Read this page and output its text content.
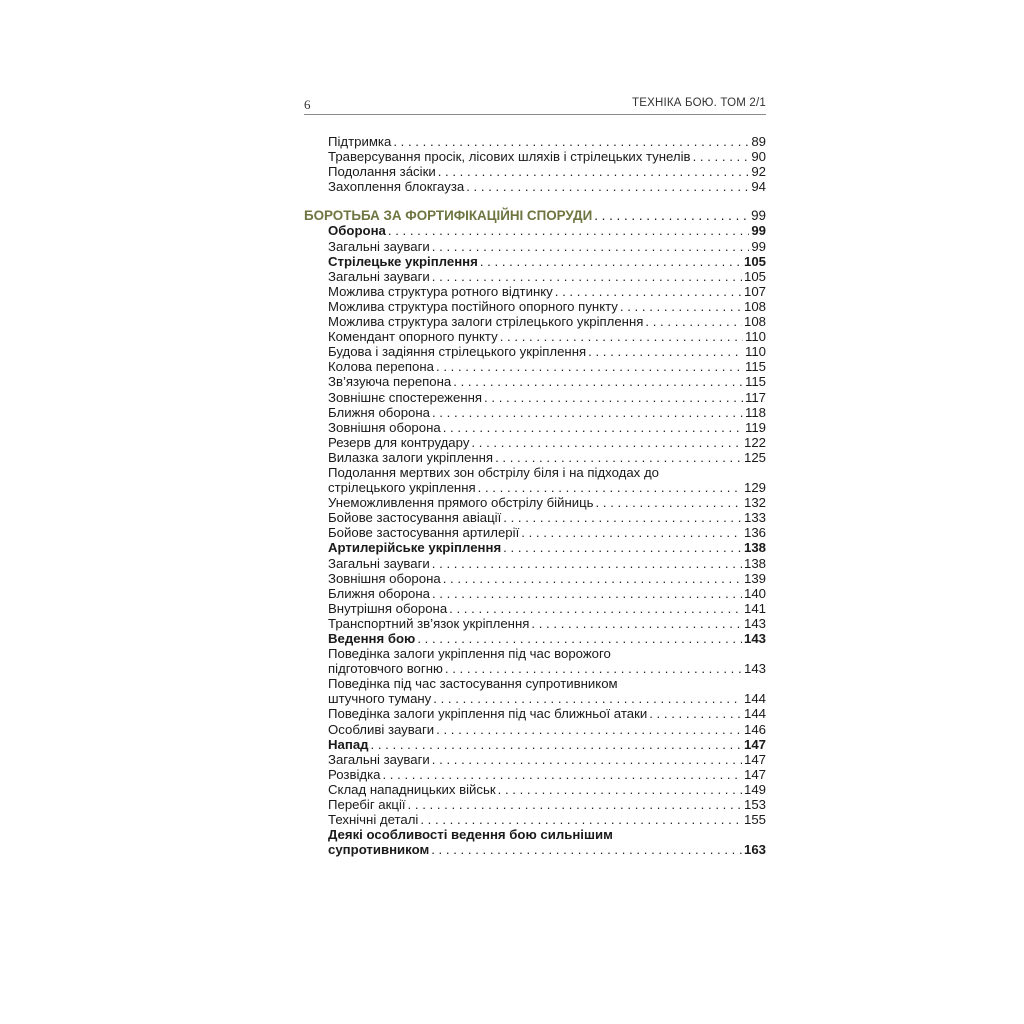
6	ТЕХНІКА БОЮ. ТОМ 2/1
Підтримка . . .	89
Траверсування просік, лісових шляхів і стрілецьких тунелів . . .	90
Подолання зáсіки . . .	92
Захоплення блокгауза . . .	94
БОРОТЬБА ЗА ФОРТИФІКАЦІЙНІ СПОРУДИ . . .	99
Оборона . . .	99
Загальні зауваги . . .	99
Стрілецьке укріплення . . .	105
Загальні зауваги . . .	105
Можлива структура ротного відтинку . . .	107
Можлива структура постійного опорного пункту . . .	108
Можлива структура залоги стрілецького укріплення . . .	108
Комендант опорного пункту . . .	110
Будова і задіяння стрілецького укріплення . . .	110
Колова перепона . . .	115
Зв’язуюча перепона . . .	115
Зовнішнє спостереження . . .	117
Ближня оборона . . .	118
Зовнішня оборона . . .	119
Резерв для контрудару . . .	122
Вилазка залоги укріплення . . .	125
Подолання мертвих зон обстрілу біля і на підходах до
стрілецького укріплення . . .	129
Унеможливлення прямого обстрілу бійниць . . .	132
Бойове застосування авіації . . .	133
Бойове застосування артилерії . . .	136
Артилерійське укріплення . . .	138
Загальні зауваги . . .	138
Зовнішня оборона . . .	139
Ближня оборона . . .	140
Внутрішня оборона . . .	141
Транспортний зв’язок укріплення . . .	143
Ведення бою . . .	143
Поведінка залоги укріплення під час ворожого
підготовчого вогню . . .	143
Поведінка під час застосування супротивником
штучного туману . . .	144
Поведінка залоги укріплення під час ближньої атаки . . .	144
Особливі зауваги . . .	146
Напад . . .	147
Загальні зауваги . . .	147
Розвідка . . .	147
Склад нападницьких військ . . .	149
Перебіг акції . . .	153
Технічні деталі . . .	155
Деякі особливості ведення бою сильнішим
супротивником . . .	163
